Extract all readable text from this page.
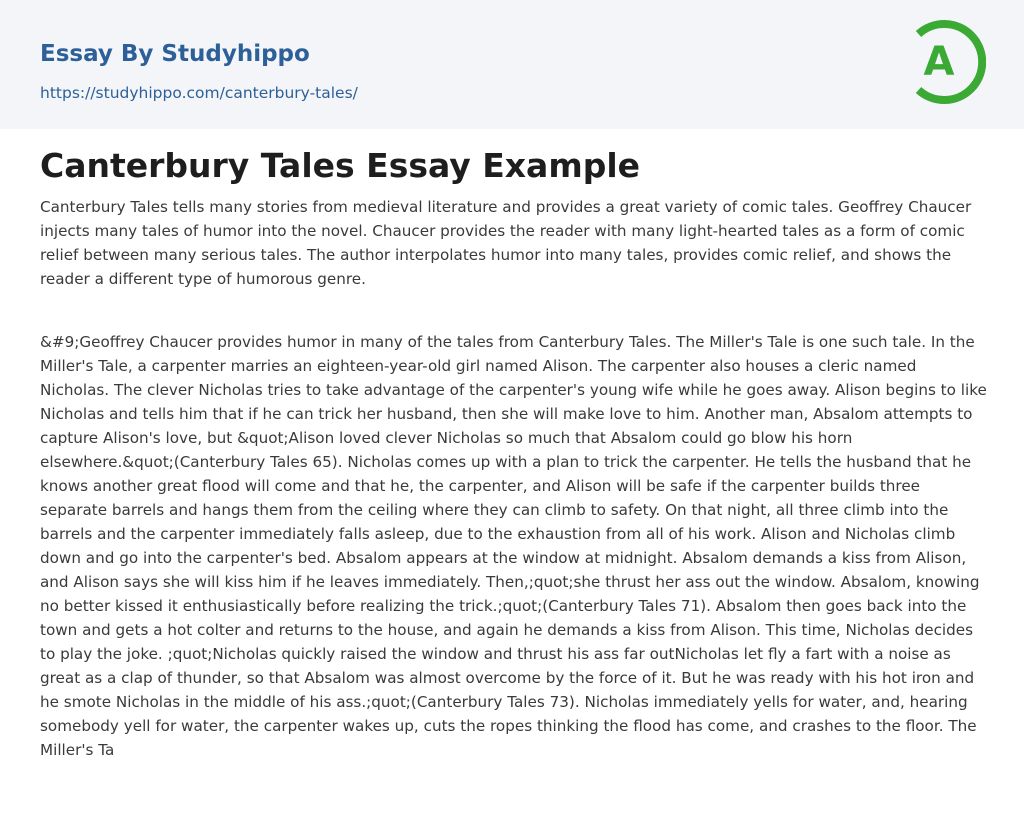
Essay By Studyhippo
https://studyhippo.com/canterbury-tales/
A
Canterbury Tales Essay Example

Canterbury Tales tells many stories from medieval literature and provides a great variety of comic tales. Geoffrey Chaucer injects many tales of humor into the novel. Chaucer provides the reader with many light-hearted tales as a form of comic relief between many serious tales. The author interpolates humor into many tales, provides comic relief, and shows the reader a different type of humorous genre.

&#9;Geoffrey Chaucer provides humor in many of the tales from Canterbury Tales. The Miller's Tale is one such tale. In the Miller's Tale, a carpenter marries an eighteen-year-old girl named Alison. The carpenter also houses a cleric named Nicholas. The clever Nicholas tries to take advantage of the carpenter's young wife while he goes away. Alison begins to like Nicholas and tells him that if he can trick her husband, then she will make love to him. Another man, Absalom attempts to capture Alison's love, but &quot;Alison loved clever Nicholas so much that Absalom could go blow his horn elsewhere.&quot;(Canterbury Tales 65). Nicholas comes up with a plan to trick the carpenter. He tells the husband that he knows another great flood will come and that he, the carpenter, and Alison will be safe if the carpenter builds three separate barrels and hangs them from the ceiling where they can climb to safety. On that night, all three climb into the barrels and the carpenter immediately falls asleep, due to the exhaustion from all of his work. Alison and Nicholas climb down and go into the carpenter's bed. Absalom appears at the window at midnight. Absalom demands a kiss from Alison, and Alison says she will kiss him if he leaves immediately. Then,;quot;she thrust her ass out the window. Absalom, knowing no better kissed it enthusiastically before realizing the trick.;quot;(Canterbury Tales 71). Absalom then goes back into the town and gets a hot colter and returns to the house, and again he demands a kiss from Alison. This time, Nicholas decides to play the joke. ;quot;Nicholas quickly raised the window and thrust his ass far outNicholas let fly a fart with a noise as great as a clap of thunder, so that Absalom was almost overcome by the force of it. But he was ready with his hot iron and he smote Nicholas in the middle of his ass.;quot;(Canterbury Tales 73). Nicholas immediately yells for water, and, hearing somebody yell for water, the carpenter wakes up, cuts the ropes thinking the flood has come, and crashes to the floor. The Miller's Ta
